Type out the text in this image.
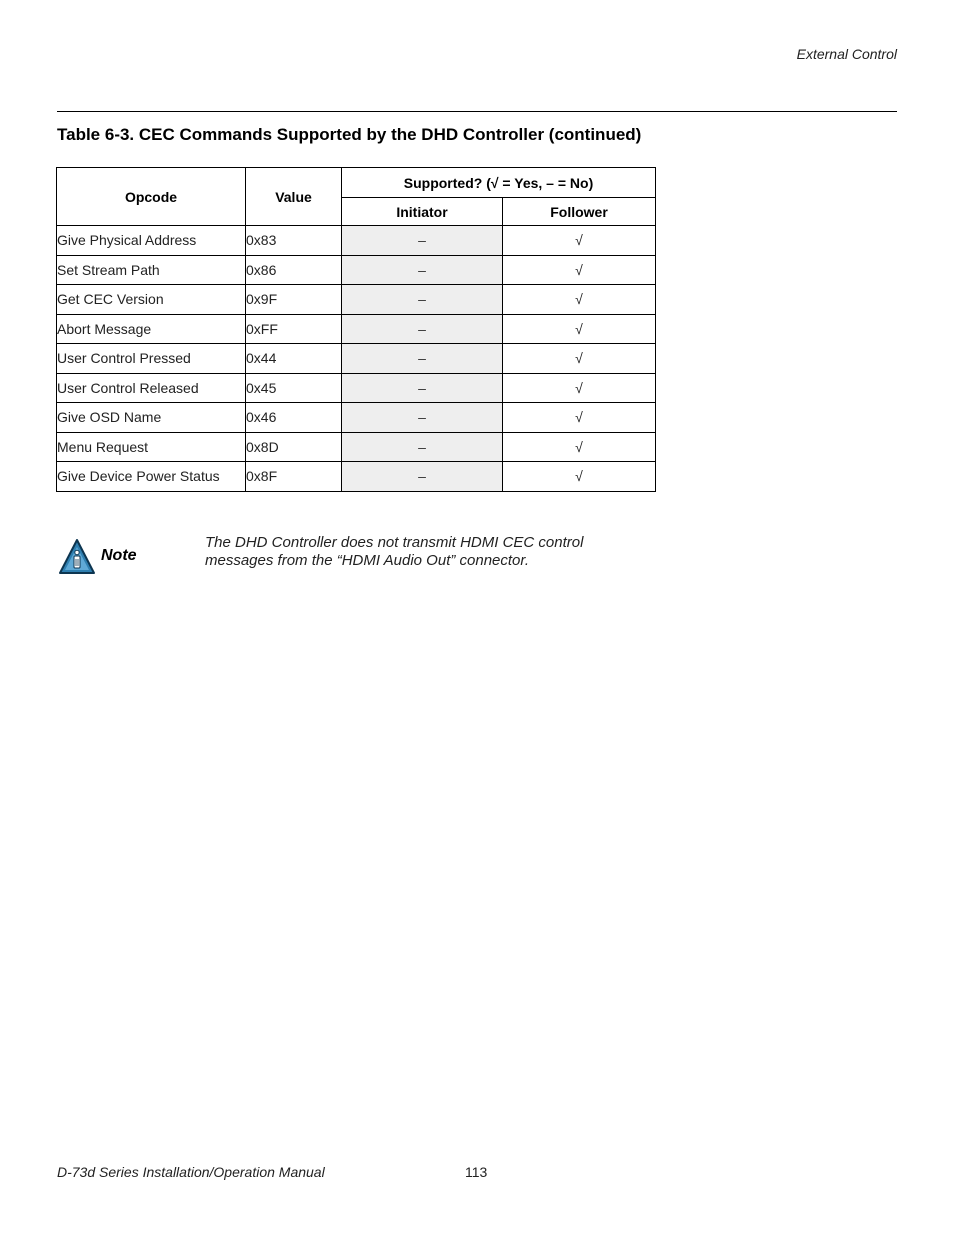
External Control
Table 6-3. CEC Commands Supported by the DHD Controller (continued)
Opcode	Value	Supported? (√ = Yes, – = No)	
		Initiator	Follower
Give Physical Address	0x83	–	√
Set Stream Path	0x86	–	√
Get CEC Version	0x9F	–	√
Abort Message	0xFF	–	√
User Control Pressed	0x44	–	√
User Control Released	0x45	–	√
Give OSD Name	0x46	–	√
Menu Request	0x8D	–	√
Give Device Power Status	0x8F	–	√
Note
The DHD Controller does not transmit HDMI CEC control messages from the “HDMI Audio Out” connector.
D-73d Series Installation/Operation Manual	113
